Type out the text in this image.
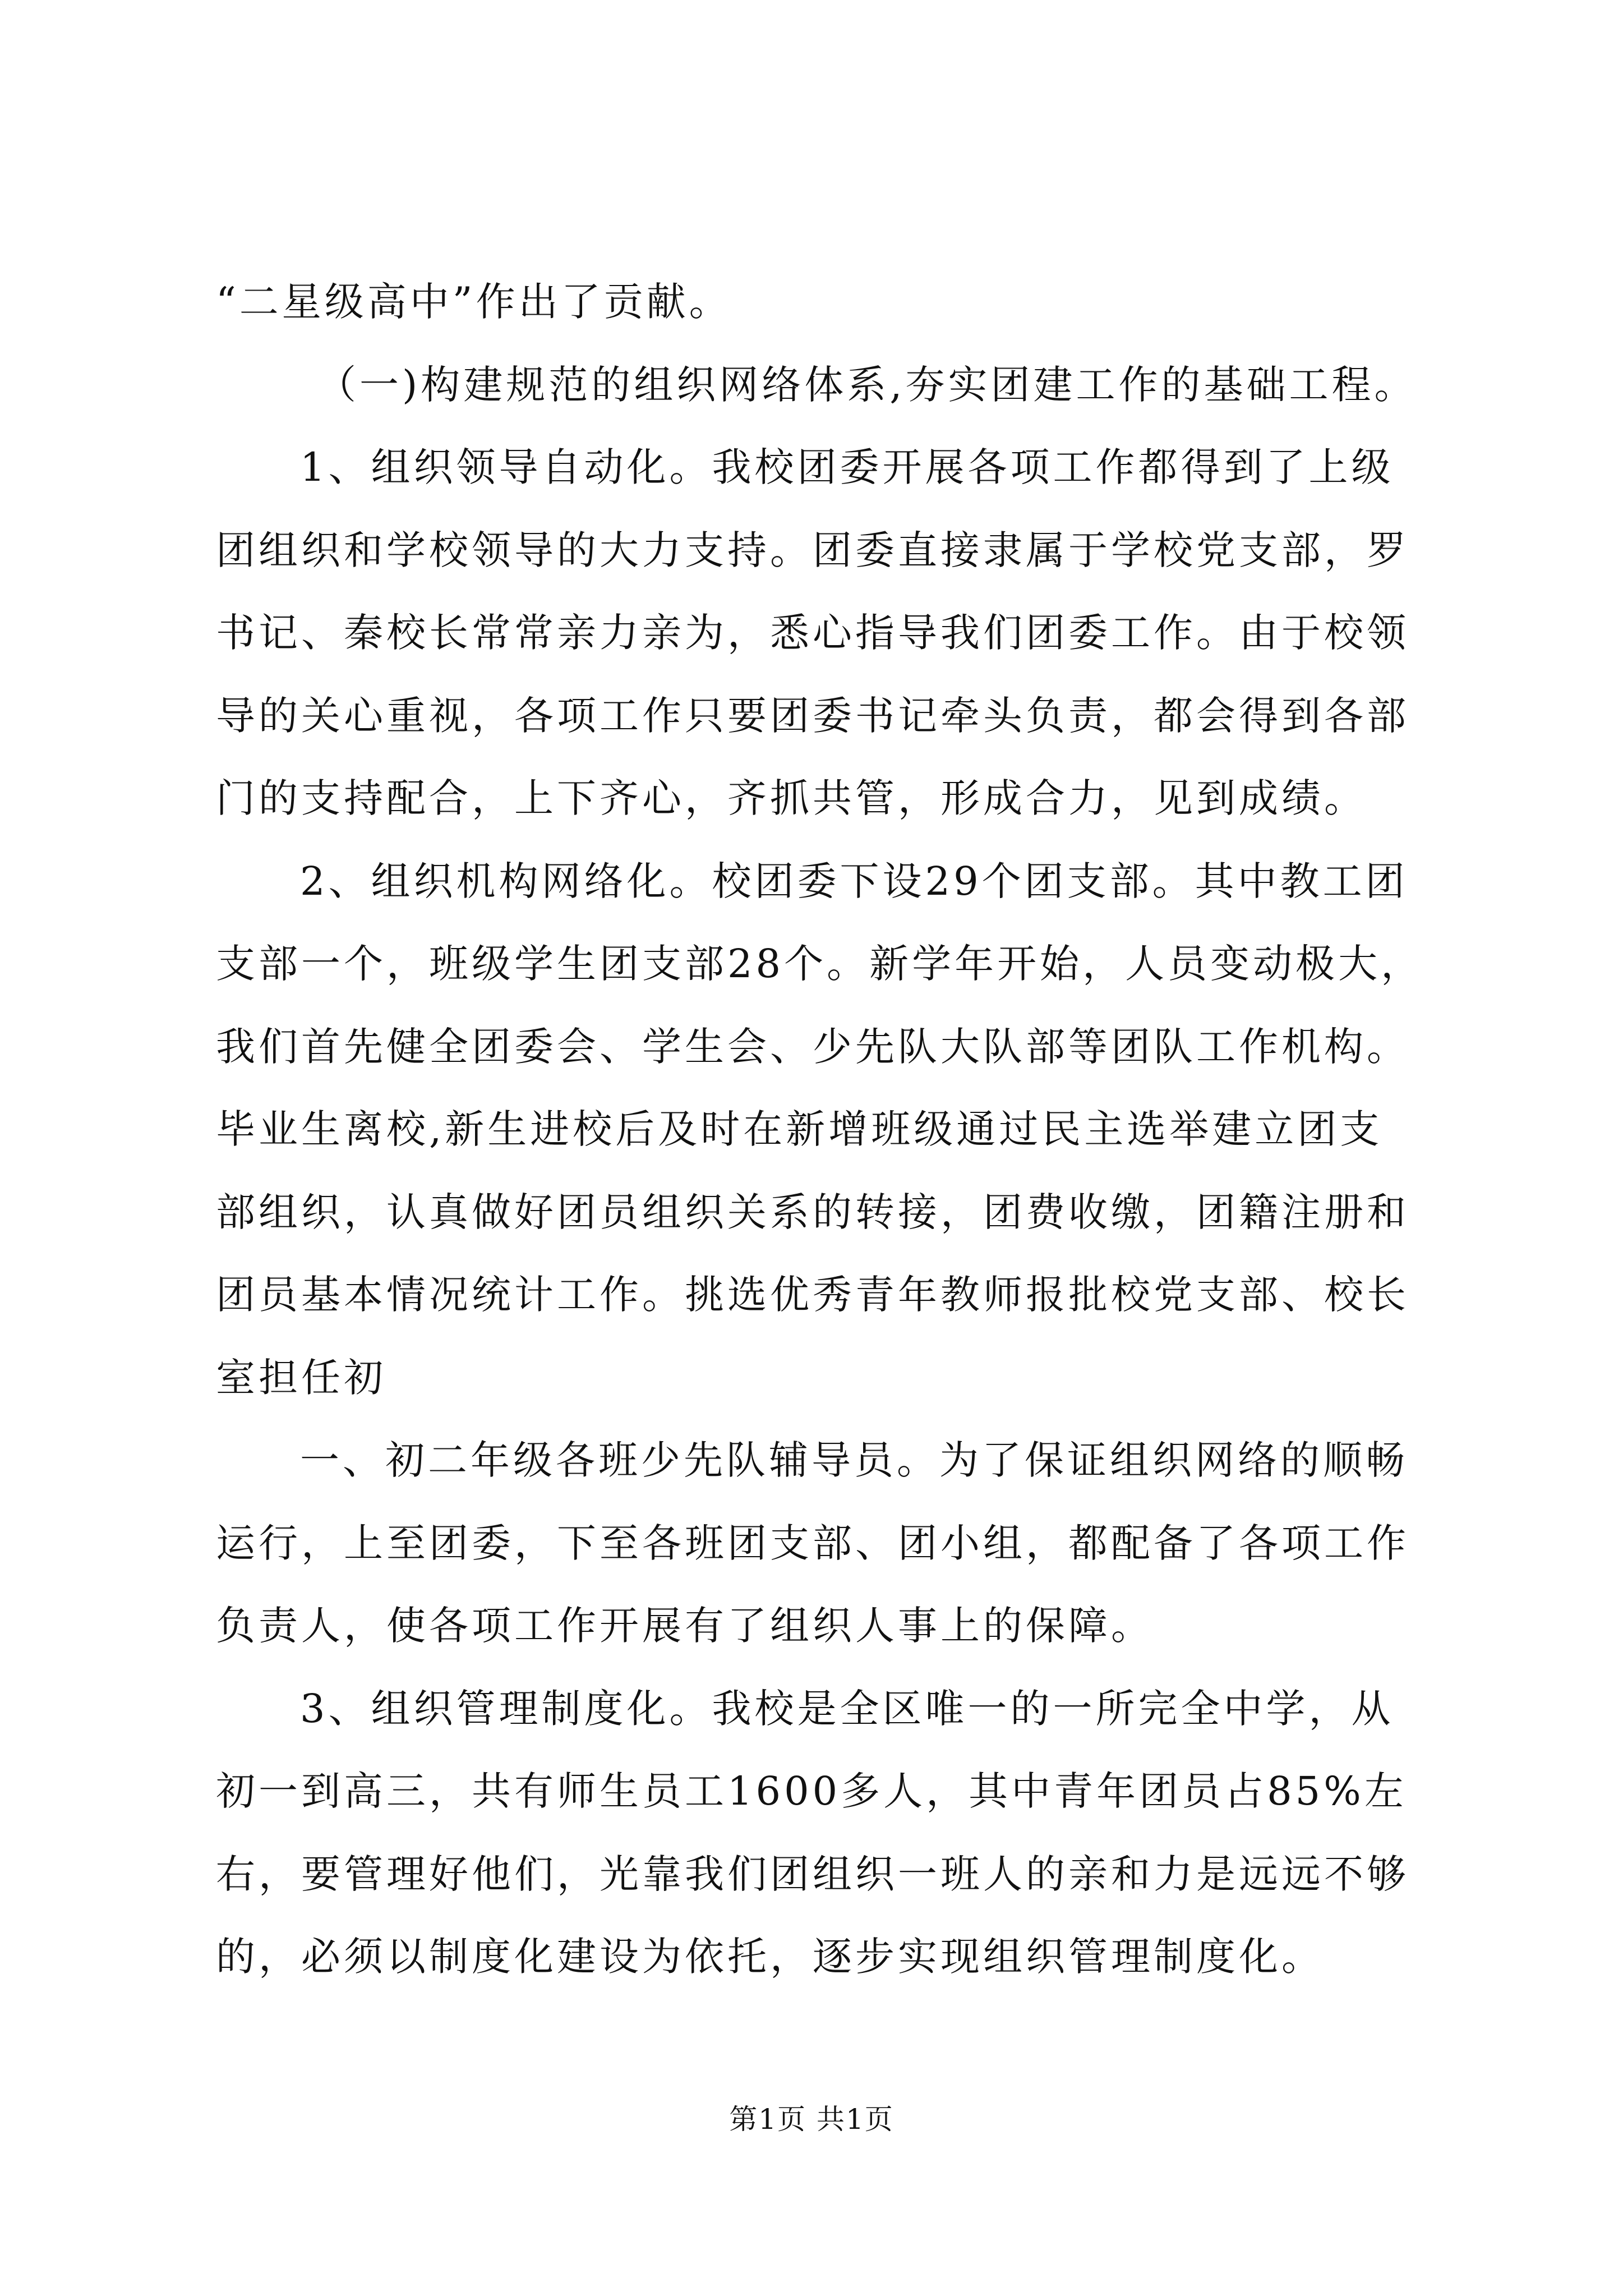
“二星级高中”作出了贡献。
（一)构建规范的组织网络体系,夯实团建工作的基础工程。
1、组织领导自动化。我校团委开展各项工作都得到了上级
团组织和学校领导的大力支持。团委直接隶属于学校党支部，罗
书记、秦校长常常亲力亲为，悉心指导我们团委工作。由于校领
导的关心重视，各项工作只要团委书记牵头负责，都会得到各部
门的支持配合，上下齐心，齐抓共管，形成合力，见到成绩。
2、组织机构网络化。校团委下设29个团支部。其中教工团
支部一个，班级学生团支部28个。新学年开始，人员变动极大，
我们首先健全团委会、学生会、少先队大队部等团队工作机构。
毕业生离校,新生进校后及时在新增班级通过民主选举建立团支
部组织，认真做好团员组织关系的转接，团费收缴，团籍注册和
团员基本情况统计工作。挑选优秀青年教师报批校党支部、校长
室担任初
一、初二年级各班少先队辅导员。为了保证组织网络的顺畅
运行，上至团委，下至各班团支部、团小组，都配备了各项工作
负责人，使各项工作开展有了组织人事上的保障。
3、组织管理制度化。我校是全区唯一的一所完全中学，从
初一到高三，共有师生员工1600多人，其中青年团员占85%左
右，要管理好他们，光靠我们团组织一班人的亲和力是远远不够
的，必须以制度化建设为依托，逐步实现组织管理制度化。
第1页 共1页
